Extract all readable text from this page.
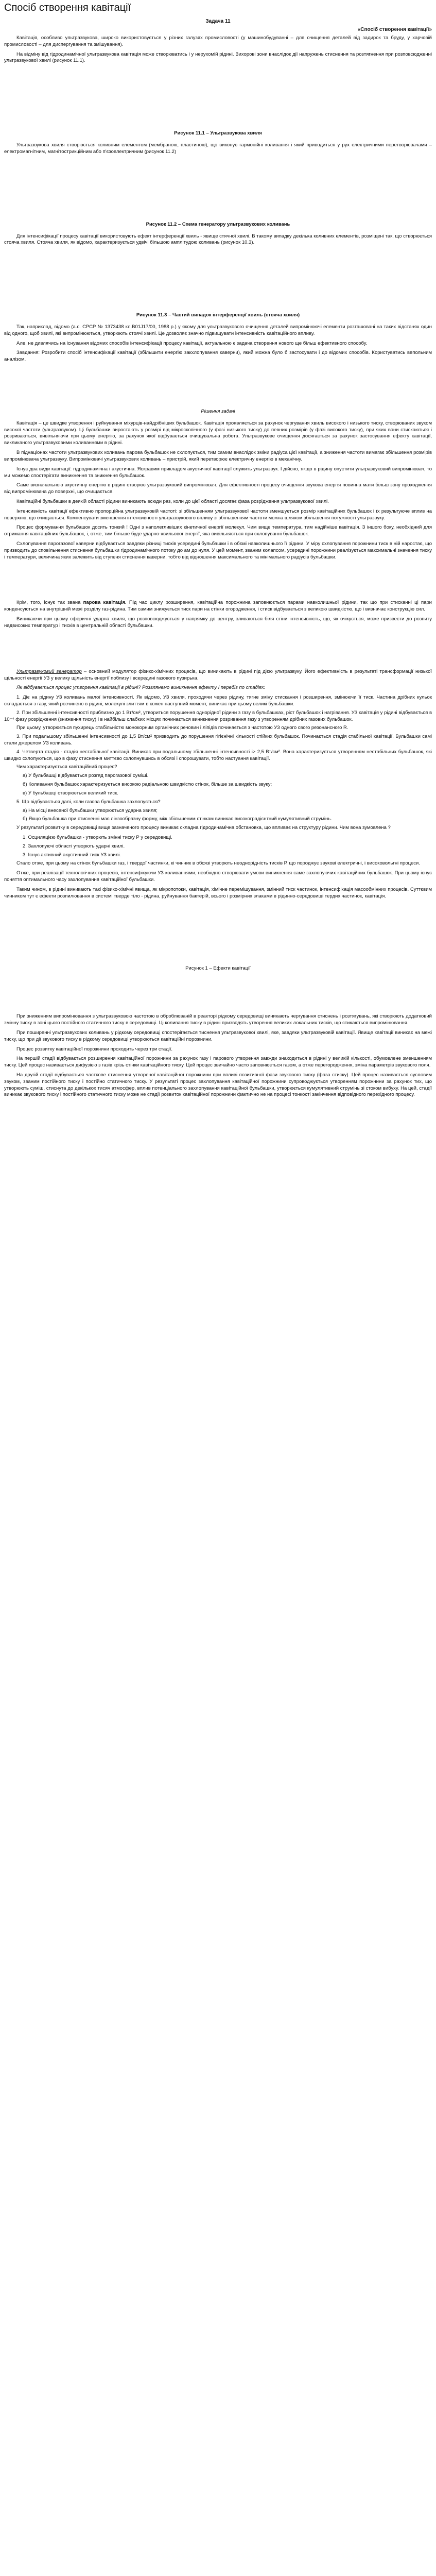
Спосіб створення кавітації
Задача 11
«Спосіб створення кавітації»

Кавітація, особливо ультразвукова, широко використовується у різних галузях промисловості (у машинобудуванні – для очищення деталей від задирок та бруду, у харчовій промисловості – для диспергування та змішування).

На відміну від гідродинамічної ультразвукова кавітація може створюватись і у нерухомій рідині. Вихорові зони внаслідок дії напружень стиснення та розтягнення при розповсюдженні ультразвукової хвилі (рисунок 11.1).

Рисунок 11.1 – Ультразвукова хвиля

Ультразвукова хвиля створюється коливним елементом (мембраною, пластиною), що виконує гармонійні коливання і який приводиться у рух електричними перетворювачами – електромагнітним, магнітострикційним або п'єзоелектричним (рисунок 11.2)

Рисунок 11.2 – Схема генератору ультразвукових коливань

Для інтенсифікації процесу кавітації використовують ефект інтерференції хвиль - явище стячної хвилі. В такому випадку декілька коливних елементів, розміщені так, що створюється стояча хвиля. Стояча хвиля, як відомо, характеризується удвічі більшою амплітудою коливань (рисунок 10.3).

Рисунок 11.3 – Частий випадок інтерференції хвиль (стояча хвиля)

Так, наприклад, відомо (а.с. СРСР № 1373438 кл.B01Ј17/00, 1988 р.) у якому для ультразвукового очищення деталей випромінюючі елементи розташовані на таких відстанях один від одного, щоб хвилі, які випромінюються, утворюють стоячі хвилі. Це дозволяє значно підвищувати інтенсивність кавітаційного впливу.

Але, не дивлячись на існування відомих способів інтенсифікації процесу кавітації, актуальною є задача створення нового ще більш ефективного способу.

Завдання: Розробити спосіб інтенсифікації кавітації (збільшити енергію закхлопування каверни), який можна було б застосувати і до відомих способів. Користуватись вепольним аналізом.

Рішення задачі

Кавітація – це швидке утворення і руйнування міхурців-найдрібніших бульбашок. Кавітація проявляється за рахунок чергування хвиль високого і низького тиску, створюваних звуком високої частоти (ультразвуком). Ці бульбашки виростають у розмірі від мікроскопічного (у фазі низького тиску) до певних розмірів (у фазі високого тиску), при яких вони стискаються і розриваються, вивільняючи при цьому енергію, за рахунок якої відбувається очищувальна робота. Ультразвукове очищення досягається за рахунок застосування ефекту кавітації, викликаного ультразвуковими коливаннями в рідині.

В піднаціонах частоти ультразвукових коливань парова бульбашок не схлопується, тим самим внаслідок зміни радіуса цієї кавітації, а зниження частоти вимагає збільшення розмірів випромінювача ультразвуку. Випромінювачі ультразвукових коливань – пристрій, який перетворює електричну енергію в механічну.

Існує два види кавітації: гідродинамічна і акустична. Яскравим прикладом акустичної кавітації служить ультразвук. І дійсно, якщо в рідину опустити ультразвуковий випромінювач, то ми можемо спостерігати виникнення та зникнення бульбашок.

Саме визначальною акустичну енергію в рідині створює ультразвуковий випромінювач. Для ефективності процесу очищення звукова енергія повинна мати більш зону проходження від випромінювача до поверхні, що очищається.

Кавітаційні бульбашки в деякій області рідини виникають всюди раз, коли до цієї області досягає фаза розрідження ультразвукової хвилі.

Інтенсивність кавітації ефективно пропорційна ультразвуковій частоті: зі збільшенням ультразвукової частоти зменшується розмір кавітаційних бульбашок і їх результуюче вплив на поверхню, що очищається. Компенсувати зменшення інтенсивності ультразвукового впливу зі збільшенням частоти можна шляхом збільшення потужності ультразвуку.

Процес формування бульбашок досить тонкий ! Одні з наполегливіших кінетичної енергії молекул. Чим вище температура, тим надійніше кавітація. З іншого боку, необхідний для отримання кавітаційних бульбашок, і, отже, тим більше буде ударно-хвильової енергії, яка вивільняється при схлопуванні бульбашок.

Схлопування парогазової каверни відбувається завдяки різниці тисків усередині бульбашки і в обємі навколишнього її рідини. У міру схлопування порожнини тиск в ній наростає, що призводить до сповільнення стиснення бульбашки гідродинамічного потоку до ам до нуля. У цей момент, званим колапсом, усередині порожнини реалізується максимальні значення тиску і температури, величина яких залежить від ступеня стиснення каверни, тобто від відношення максимального та мінімального радіусів бульбашки.

Крім, того, існує так звана парова кавітація. Під час циклу розширення, кавітаційна порожнина заповнюється парами навколишньої рідини, так що при стисканні ці пари конденсуються на внутрішній межі розділу газ-рідина. Тим самим знижується тиск пари на стінки огородження, і стиск відбувається з великою швидкістю, що і визначає конструкцію сил.

Виникаючи при цьому сферичні ударна хвиля, що розповсюджується у напрямку до центру, зливаються біля стіни інтенсивність, що, як очікується, може призвести до розпиту надвисоких температур і тисків в центральній області бульбашки.

Ультразвуковий генератор – основний модулятор фізико-хімічних процесів, що виникають в рідині під дією ультразвуку. Його ефективність в результаті трансформації низької щільності енергії УЗ у велику щільність енергії поблизу і всередині газового пузирька.

Як відбувається процес утворення кавітації в рідині? Розглянемо виникнення ефекту і перебіг по стадіях:

1. Діє на рідину УЗ коливань малої інтенсивності. Як відомо, УЗ хвиля, проходячи через рідину, тягне зміну стискання і розширення, змінюючи її тиск. Частина дрібних кульок складається з газу, який розчинено в рідині, молекулі злиттям в кожен наступний момент, виникає при цьому великі бульбашки.

2. При збільшенні інтенсивності приблизно до 1 Вт/см², утвориться порушення однорідної рідини з газу в бульбашках, ріст бульбашок і нагрівання. УЗ кавітація у рідині відбувається в 10⁻⁴ фазу розрідження (зниження тиску) і в найбільш слабких місцях починається виникнення розривання газу з утворенням дрібних газових бульбашок.

При цьому, утворюється пухирець стабільністю монокорним органічних речовин і ліпідів починається з частотою УЗ одного свого резонансного R.

3. При подальшому збільшенні інтенсивності до 1,5 Вт/см² призводить до порушення гігієнічні кількості стійких бульбашок. Починається стадія стабільної кавітації. Бульбашки самі стали джерелом УЗ коливань.

4. Четверта стадія - стадія нестабільної кавітації. Виникає при подальшому збільшенні інтенсивності і> 2,5 Вт/см². Вона характеризується утворенням нестабільних бульбашок, які швидко схлопуються, що в фазу стиснення миттєво схлопнувшись в обсязі і спорошувати, тобто настуання кавітації.

Чим характеризується кавітаційний процес?

а) У бульбашці відбувається розгяд парогазової суміші.

б) Коливання бульбашок характеризується високою радіальною швидкістю стінок, більше за швидкість звуку;

в) У бульбашці створюється великий тиск.

5. Що відбувається далі, коли газова бульбашка захлопується?

а) На місці внесеної бульбашки утворюється ударна хвиля;

б) Якщо бульбашка при стисненні має лінзообразну форму, між збільшеним стінкам виникає високоградієнтний кумулятивний струмінь.

У результаті розвитку в середовищі вище зазначеного процесу виникає складна гідродинамічна обстановка, що впливає на структуру рідини. Чим вона зумовлена ?

1. Осциляцією бульбашки - утворють змінні тиску Р у середовищі.

2. Захлопуючі області утворють ударні хвилі.

3. Існує активний акустичний тиск УЗ хвилі.

Стало отже, при цьому на стінок бульбашки газ, і твердої частинки, кі чинник в обсязі утворють неоднорідність тисків Р, що породжує звукові електричні, і високовольтні процеси.

Отже, при реалізації технологічних процесів, інтенсифікуючи УЗ коливаннями, необхідно створювати умови виникнення саме захлопуючих кавітаційних бульбашок. При цьому існує поняття оптимального часу захлопування кавітаційної бульбашки.

Таким чином, в рідині виникають такі фізико-хімічні явища, як мікропотоки, кавітація, хімічне перемішування, змінний тиск частинок, інтенсифікація масообмінних процесів. Суттєвим чинником тут є ефекти розпилювання в системі тверде тіло - рідина, руйнування бактерій, всього і розмірних злаками в рідинно-середовищі тердих частинок, кавітація.

Рисунок 1 – Ефекти кавітації

При зниженням випромінювання з ультразвуковою частотою в оброблюваній в реакторі рідкому середовищі виникають чергування стиснень і розтягувань, які створюють додатковий змінну тиску в зоні цього постійного статичного тиску в середовищі. Ці коливання тиску в рідині призводять утворення великих локальних тисків, що стикаються випромінювання.

При поширенні ультразвукових коливань у рідкому середовищі спостерігається тиснення ультразвукової хвилі, яке, завдяки ультразвуковій кавітації. Явище кавітації виникає на межі тиску, що при дії звукового тиску в рідкому середовищі утворюються кавітаційні порожнини.

Процес розвитку кавітаційної порожнини проходить через три стадії.

На першій стадії відбувається розширення кавітаційної порожнини за рахунок газу і парового утворення завжди знаходиться в рідині у великій кількості, обумовлене зменшенням тиску. Цей процес називається дифузією з газів крізь стінки кавітаційного тиску. Цей процес звичайно часто заповнюється газом, а отже перегородження, зміна параметрів звукового поля.

На другій стадії відбувається часткове стиснення утвореної кавітаційної порожнини при впливі позитивної фази звукового тиску (фаза стиску). Цей процес називається сусловим звуком, званим постійного тиску і постійно статичного тиску. У результаті процес захлопування кавітаційної порожнини супроводжується утворенням порожнини за рахунок тих, що утворюють суміш, стиснута до декількох тисяч атмосфер, вплив потенціального захлопування кавітаційної бульбашки, утворюється кумулятивний струмінь зі стоком вибуху. На цей, стадії виникає звукового тиску і постійного статичного тиску може не стадії розвиток кавітаційної порожнини фактично не на процесі тонкості закінчення відповідного перехідного процесу.
